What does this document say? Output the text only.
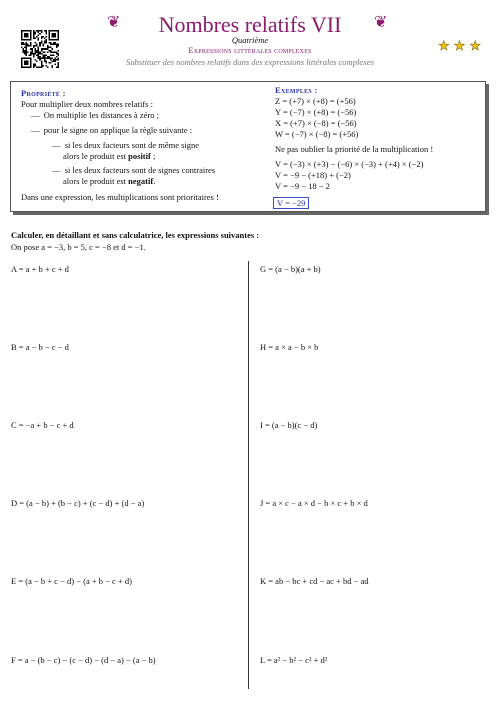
❦	❦
Nombres relatifs VII
Quatrième
Expressions littérales complexes
Substituer des nombres relatifs dans des expressions littérales complexes
★ ★ ★
Propriété :
Pour multiplier deux nombres relatifs :
—  On multiplie les distances à zéro ;
—  pour le signe on applique la règle suivante :
—  si les deux facteurs sont de même signe
alors le produit est positif ;
—  si les deux facteurs sont de signes contraires
alors le produit est negatif.
Dans une expression, les multiplications sont prioritaires !
Exemples :
Z = (+7) × (+8) = (+56)
Y = (−7) × (+8) = (−56)
X = (+7) × (−8) = (−56)
W = (−7) × (−8) = (+56)
Ne pas oublier la priorité de la multiplication !
V = (−3) × (+3) − (−6) × (−3) + (+4) × (−2)
V = −9 − (+18) + (−2)
V = −9 − 18 − 2
V = −29
Calculer, en détaillant et sans calculatrice, les expressions suivantes :
On pose a = −3, b = 5, c = −8 et d = −1.
A = a + b + c + d
B = a − b − c − d
C = −a + b − c + d
D = (a − b) + (b − c) + (c − d) + (d − a)
E = (a − b + c − d) − (a + b − c + d)
F = a − (b − c) − (c − d) − (d − a) − (a − b)
G = (a − b)(a + b)
H = a × a − b × b
I = (a − b)(c − d)
J = a × c − a × d − b × c + b × d
K = ab − bc + cd − ac + bd − ad
L = a² − b² − c² + d²
